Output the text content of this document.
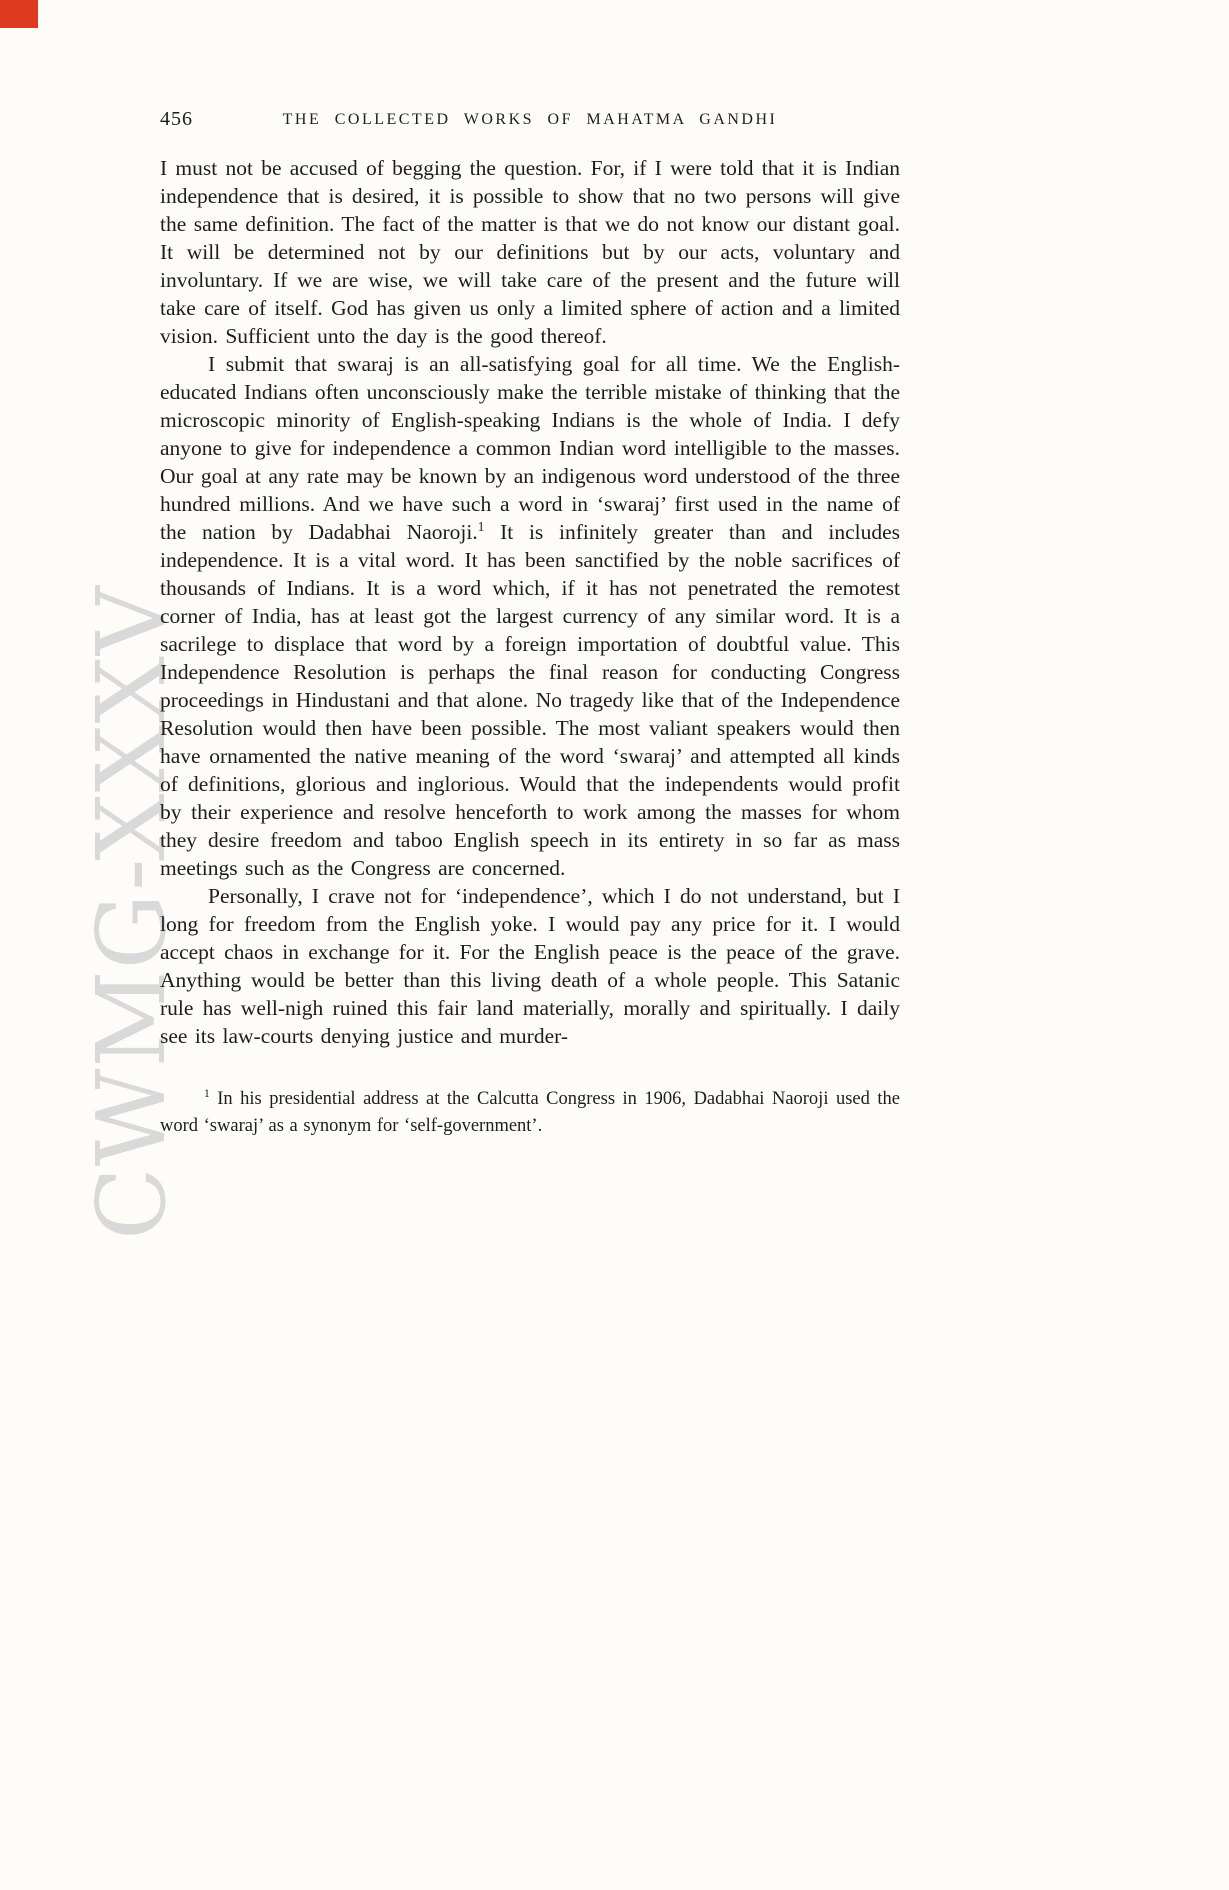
CWMG-XXXV
456	THE COLLECTED WORKS OF MAHATMA GANDHI

I must not be accused of begging the question. For, if I were told that it is Indian independence that is desired, it is possible to show that no two persons will give the same definition. The fact of the matter is that we do not know our distant goal. It will be determined not by our definitions but by our acts, voluntary and involuntary. If we are wise, we will take care of the present and the future will take care of itself. God has given us only a limited sphere of action and a limited vision. Sufficient unto the day is the good thereof.

I submit that swaraj is an all-satisfying goal for all time. We the English-educated Indians often unconsciously make the terrible mistake of thinking that the microscopic minority of English-speaking Indians is the whole of India. I defy anyone to give for independence a common Indian word intelligible to the masses. Our goal at any rate may be known by an indigenous word understood of the three hundred millions. And we have such a word in ‘swaraj’ first used in the name of the nation by Dadabhai Naoroji.$^1$ It is infinitely greater than and includes independence. It is a vital word. It has been sanctified by the noble sacrifices of thousands of Indians. It is a word which, if it has not penetrated the remotest corner of India, has at least got the largest currency of any similar word. It is a sacrilege to displace that word by a foreign importation of doubtful value. This Independence Resolution is perhaps the final reason for conducting Congress proceedings in Hindustani and that alone. No tragedy like that of the Independence Resolution would then have been possible. The most valiant speakers would then have ornamented the native meaning of the word ‘swaraj’ and attempted all kinds of definitions, glorious and inglorious. Would that the independents would profit by their experience and resolve henceforth to work among the masses for whom they desire freedom and taboo English speech in its entirety in so far as mass meetings such as the Congress are concerned.

Personally, I crave not for ‘independence’, which I do not understand, but I long for freedom from the English yoke. I would pay any price for it. I would accept chaos in exchange for it. For the English peace is the peace of the grave. Anything would be better than this living death of a whole people. This Satanic rule has well-nigh ruined this fair land materially, morally and spiritually. I daily see its law-courts denying justice and murder-

$^1$ In his presidential address at the Calcutta Congress in 1906, Dadabhai Naoroji used the word ‘swaraj’ as a synonym for ‘self-government’.
